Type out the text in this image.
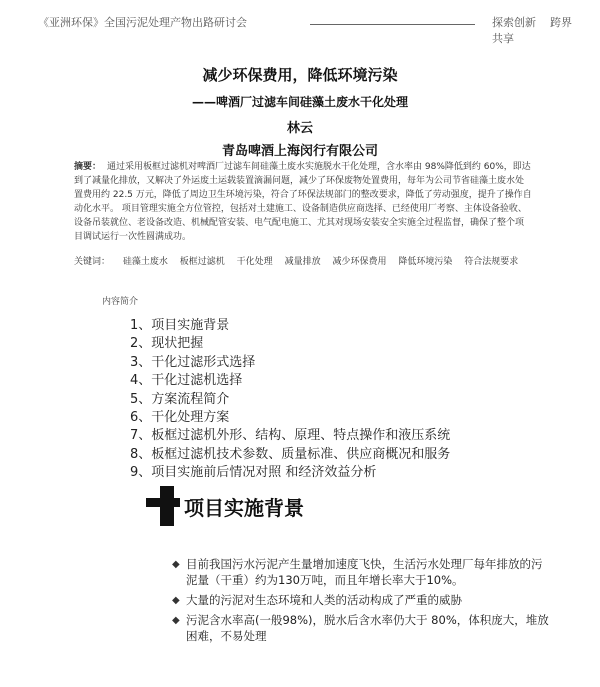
《亚洲环保》全国污泥处理产物出路研讨会	探索创新 跨界共享
减少环保费用，降低环境污染
——啤酒厂过滤车间硅藻土废水干化处理
林云
青岛啤酒上海闵行有限公司
摘要： 通过采用板框过滤机对啤酒厂过滤车间硅藻土废水实施脱水干化处理，含水率由 98%降低到约 60%，即达到了减量化排放，又解决了外运废土运载装置滴漏问题，减少了环保废物处置费用，每年为公司节省硅藻土废水处置费用约 22.5 万元，降低了周边卫生环境污染，符合了环保法规部门的整改要求，降低了劳动强度，提升了操作自动化水平。 项目管理实施全方位管控，包括对土建施工、设备制造供应商选择、已经使用厂考察、主体设备验收、设备吊装就位、老设备改造、机械配管安装、电气配电施工、尤其对现场安装安全实施全过程监督，确保了整个项目调试运行一次性圆满成功。
关键词： 硅藻土废水 板框过滤机 干化处理 减量排放 减少环保费用 降低环境污染 符合法规要求
内容简介
1、项目实施背景
2、现状把握
3、干化过滤形式选择
4、干化过滤机选择
5、方案流程简介
6、干化处理方案
7、板框过滤机外形、结构、原理、特点操作和液压系统
8、板框过滤机技术参数、质量标准、供应商概况和服务
9、项目实施前后情况对照 和经济效益分析
项目实施背景
◆ 目前我国污水污泥产生量增加速度飞快，生活污水处理厂每年排放的污泥量（干重）约为130万吨，而且年增长率大于10%。
◆ 大量的污泥对生态环境和人类的活动构成了严重的威胁
◆ 污泥含水率高(一般98%)，脱水后含水率仍大于 80%，体积庞大，堆放困难，不易处理
